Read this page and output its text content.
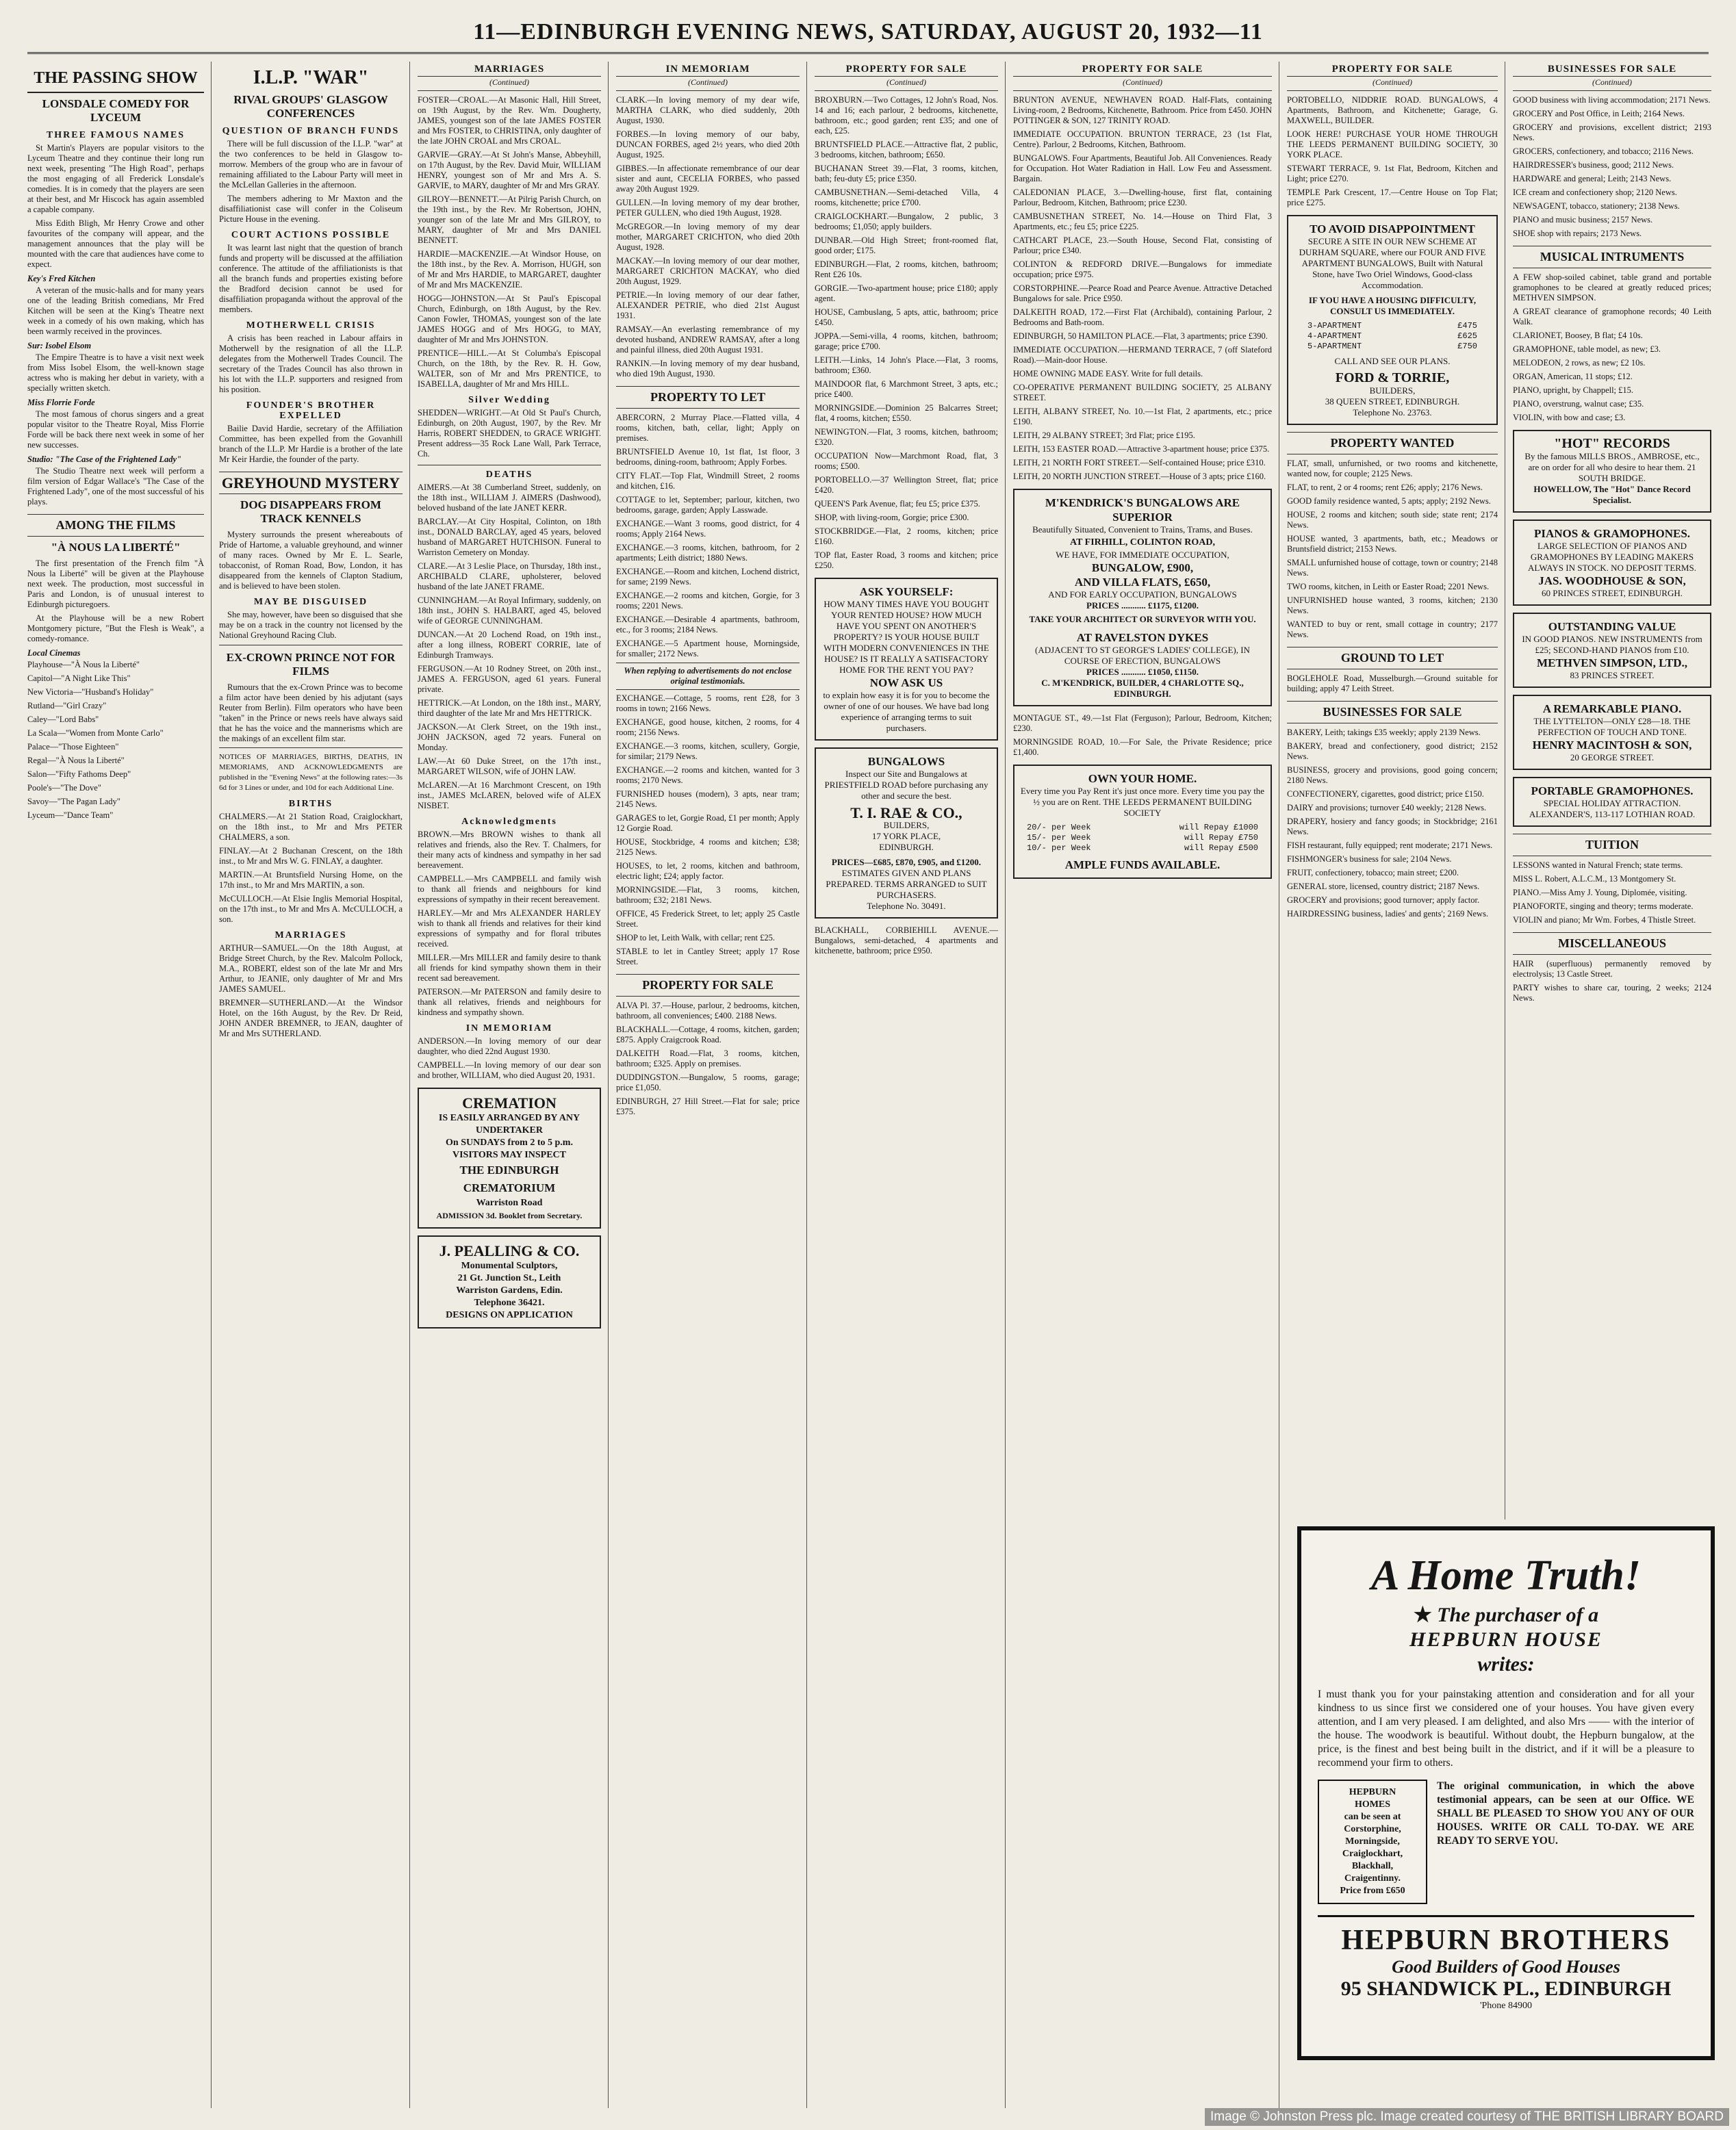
11—EDINBURGH EVENING NEWS, SATURDAY, AUGUST 20, 1932—11
THE PASSING SHOW
LONSDALE COMEDY FOR LYCEUM
THREE FAMOUS NAMES

St Martin's Players are popular visitors to the Lyceum Theatre and they continue their long run next week, presenting "The High Road", perhaps the most engaging of all Frederick Lonsdale's comedies. It is in comedy that the players are seen at their best, and Mr Hiscock has again assembled a capable company.

Miss Edith Bligh, Mr Henry Crowe and other favourites of the company will appear, and the management announces that the play will be mounted with the care that audiences have come to expect.

Key's Fred Kitchen

A veteran of the music-halls and for many years one of the leading British comedians, Mr Fred Kitchen will be seen at the King's Theatre next week in a comedy of his own making, which has been warmly received in the provinces.

Sur: Isobel Elsom

The Empire Theatre is to have a visit next week from Miss Isobel Elsom, the well-known stage actress who is making her debut in variety, with a specially written sketch.

Miss Florrie Forde

The most famous of chorus singers and a great popular visitor to the Theatre Royal, Miss Florrie Forde will be back there next week in some of her new successes.

Studio: "The Case of the Frightened Lady"

The Studio Theatre next week will perform a film version of Edgar Wallace's "The Case of the Frightened Lady", one of the most successful of his plays.

AMONG THE FILMS
"À NOUS LA LIBERTÉ"

The first presentation of the French film "À Nous la Liberté" will be given at the Playhouse next week. The production, most successful in Paris and London, is of unusual interest to Edinburgh picturegoers.

At the Playhouse will be a new Robert Montgomery picture, "But the Flesh is Weak", a comedy-romance.

Local Cinemas
Playhouse—"À Nous la Liberté"
Capitol—"A Night Like This"
New Victoria—"Husband's Holiday"
Rutland—"Girl Crazy"
Caley—"Lord Babs"
La Scala—"Women from Monte Carlo"
Palace—"Those Eighteen"
Regal—"À Nous la Liberté"
Salon—"Fifty Fathoms Deep"
Poole's—"The Dove"
Savoy—"The Pagan Lady"
Lyceum—"Dance Team"
I.L.P. "WAR"
RIVAL GROUPS' GLASGOW CONFERENCES
QUESTION OF BRANCH FUNDS

There will be full discussion of the I.L.P. "war" at the two conferences to be held in Glasgow to-morrow. Members of the group who are in favour of remaining affiliated to the Labour Party will meet in the McLellan Galleries in the afternoon.

The members adhering to Mr Maxton and the disaffiliationist case will confer in the Coliseum Picture House in the evening.

COURT ACTIONS POSSIBLE

It was learnt last night that the question of branch funds and property will be discussed at the affiliation conference. The attitude of the affiliationists is that all the branch funds and properties existing before the Bradford decision cannot be used for disaffiliation propaganda without the approval of the members.

MOTHERWELL CRISIS

A crisis has been reached in Labour affairs in Motherwell by the resignation of all the I.L.P. delegates from the Motherwell Trades Council. The secretary of the Trades Council has also thrown in his lot with the I.L.P. supporters and resigned from his position.

FOUNDER'S BROTHER EXPELLED

Bailie David Hardie, secretary of the Affiliation Committee, has been expelled from the Govanhill branch of the I.L.P. Mr Hardie is a brother of the late Mr Keir Hardie, the founder of the party.

GREYHOUND MYSTERY
DOG DISAPPEARS FROM TRACK KENNELS

Mystery surrounds the present whereabouts of Pride of Hartome, a valuable greyhound, and winner of many races. Owned by Mr E. L. Searle, tobacconist, of Roman Road, Bow, London, it has disappeared from the kennels of Clapton Stadium, and is believed to have been stolen.

MAY BE DISGUISED

She may, however, have been so disguised that she may be on a track in the country not licensed by the National Greyhound Racing Club.

EX-CROWN PRINCE NOT FOR FILMS

Rumours that the ex-Crown Prince was to become a film actor have been denied by his adjutant (says Reuter from Berlin). Film operators who have been "taken" in the Prince or news reels have always said that he has the voice and the mannerisms which are the makings of an excellent film star.

NOTICES OF MARRIAGES, BIRTHS, DEATHS, IN MEMORIAMS, AND ACKNOWLEDGMENTS are published in the "Evening News" at the following rates:—3s 6d for 3 Lines or under, and 10d for each Additional Line.
BIRTHS
CHALMERS.—At 21 Station Road, Craiglockhart, on the 18th inst., to Mr and Mrs PETER CHALMERS, a son.
FINLAY.—At 2 Buchanan Crescent, on the 18th inst., to Mr and Mrs W. G. FINLAY, a daughter.
MARTIN.—At Bruntsfield Nursing Home, on the 17th inst., to Mr and Mrs MARTIN, a son.
McCULLOCH.—At Elsie Inglis Memorial Hospital, on the 17th inst., to Mr and Mrs A. McCULLOCH, a son.
MARRIAGES
ARTHUR—SAMUEL.—On the 18th August, at Bridge Street Church, by the Rev. Malcolm Pollock, M.A., ROBERT, eldest son of the late Mr and Mrs Arthur, to JEANIE, only daughter of Mr and Mrs JAMES SAMUEL.
BREMNER—SUTHERLAND.—At the Windsor Hotel, on the 16th August, by the Rev. Dr Reid, JOHN ANDER BREMNER, to JEAN, daughter of Mr and Mrs SUTHERLAND.
MARRIAGES
(Continued)
FOSTER—CROAL.—At Masonic Hall, Hill Street, on 19th August, by the Rev. Wm. Dougherty, JAMES, youngest son of the late JAMES FOSTER and Mrs FOSTER, to CHRISTINA, only daughter of the late JOHN CROAL and Mrs CROAL.
GARVIE—GRAY.—At St John's Manse, Abbeyhill, on 17th August, by the Rev. David Muir, WILLIAM HENRY, youngest son of Mr and Mrs A. S. GARVIE, to MARY, daughter of Mr and Mrs GRAY.
GILROY—BENNETT.—At Pilrig Parish Church, on the 19th inst., by the Rev. Mr Robertson, JOHN, younger son of the late Mr and Mrs GILROY, to MARY, daughter of Mr and Mrs DANIEL BENNETT.
HARDIE—MACKENZIE.—At Windsor House, on the 18th inst., by the Rev. A. Morrison, HUGH, son of Mr and Mrs HARDIE, to MARGARET, daughter of Mr and Mrs MACKENZIE.
HOGG—JOHNSTON.—At St Paul's Episcopal Church, Edinburgh, on 18th August, by the Rev. Canon Fowler, THOMAS, youngest son of the late JAMES HOGG and of Mrs HOGG, to MAY, daughter of Mr and Mrs JOHNSTON.
PRENTICE—HILL.—At St Columba's Episcopal Church, on the 18th, by the Rev. R. H. Gow, WALTER, son of Mr and Mrs PRENTICE, to ISABELLA, daughter of Mr and Mrs HILL.
Silver Wedding
SHEDDEN—WRIGHT.—At Old St Paul's Church, Edinburgh, on 20th August, 1907, by the Rev. Mr Harris, ROBERT SHEDDEN, to GRACE WRIGHT. Present address—35 Rock Lane Wall, Park Terrace, Ch.
DEATHS
AIMERS.—At 38 Cumberland Street, suddenly, on the 18th inst., WILLIAM J. AIMERS (Dashwood), beloved husband of the late JANET KERR.
BARCLAY.—At City Hospital, Colinton, on 18th inst., DONALD BARCLAY, aged 45 years, beloved husband of MARGARET HUTCHISON. Funeral to Warriston Cemetery on Monday.
CLARE.—At 3 Leslie Place, on Thursday, 18th inst., ARCHIBALD CLARE, upholsterer, beloved husband of the late JANET FRAME.
CUNNINGHAM.—At Royal Infirmary, suddenly, on 18th inst., JOHN S. HALBART, aged 45, beloved wife of GEORGE CUNNINGHAM.
DUNCAN.—At 20 Lochend Road, on 19th inst., after a long illness, ROBERT CORRIE, late of Edinburgh Tramways.
FERGUSON.—At 10 Rodney Street, on 20th inst., JAMES A. FERGUSON, aged 61 years. Funeral private.
HETTRICK.—At London, on the 18th inst., MARY, third daughter of the late Mr and Mrs HETTRICK.
JACKSON.—At Clerk Street, on the 19th inst., JOHN JACKSON, aged 72 years. Funeral on Monday.
LAW.—At 60 Duke Street, on the 17th inst., MARGARET WILSON, wife of JOHN LAW.
McLAREN.—At 16 Marchmont Crescent, on 19th inst., JAMES McLAREN, beloved wife of ALEX NISBET.
Acknowledgments
BROWN.—Mrs BROWN wishes to thank all relatives and friends, also the Rev. T. Chalmers, for their many acts of kindness and sympathy in her sad bereavement.
CAMPBELL.—Mrs CAMPBELL and family wish to thank all friends and neighbours for kind expressions of sympathy in their recent bereavement.
HARLEY.—Mr and Mrs ALEXANDER HARLEY wish to thank all friends and relatives for their kind expressions of sympathy and for floral tributes received.
MILLER.—Mrs MILLER and family desire to thank all friends for kind sympathy shown them in their recent sad bereavement.
PATERSON.—Mr PATERSON and family desire to thank all relatives, friends and neighbours for kindness and sympathy shown.
IN MEMORIAM
ANDERSON.—In loving memory of our dear daughter, who died 22nd August 1930.
CAMPBELL.—In loving memory of our dear son and brother, WILLIAM, who died August 20, 1931.
CREMATION
IS EASILY ARRANGED BY ANY UNDERTAKER
On SUNDAYS from 2 to 5 p.m.
VISITORS MAY INSPECT
THE EDINBURGH CREMATORIUM
Warriston Road
ADMISSION 3d. Booklet from Secretary.
J. PEALLING & CO.
Monumental Sculptors,
21 Gt. Junction St., Leith
Warriston Gardens, Edin.
Telephone 36421.
DESIGNS ON APPLICATION
IN MEMORIAM
(Continued)
CLARK.—In loving memory of my dear wife, MARTHA CLARK, who died suddenly, 20th August, 1930.
FORBES.—In loving memory of our baby, DUNCAN FORBES, aged 2½ years, who died 20th August, 1925.
GIBBES.—In affectionate remembrance of our dear sister and aunt, CECELIA FORBES, who passed away 20th August 1929.
GULLEN.—In loving memory of my dear brother, PETER GULLEN, who died 19th August, 1928.
McGREGOR.—In loving memory of my dear mother, MARGARET CRICHTON, who died 20th August, 1928.
MACKAY.—In loving memory of our dear mother, MARGARET CRICHTON MACKAY, who died 20th August, 1929.
PETRIE.—In loving memory of our dear father, ALEXANDER PETRIE, who died 21st August 1931.
RAMSAY.—An everlasting remembrance of my devoted husband, ANDREW RAMSAY, after a long and painful illness, died 20th August 1931.
RANKIN.—In loving memory of my dear husband, who died 19th August, 1930.
PROPERTY TO LET
ABERCORN, 2 Murray Place.—Flatted villa, 4 rooms, kitchen, bath, cellar, light; Apply on premises.
BRUNTSFIELD Avenue 10, 1st flat, 1st floor, 3 bedrooms, dining-room, bathroom; Apply Forbes.
CITY FLAT.—Top Flat, Windmill Street, 2 rooms and kitchen, £16.
COTTAGE to let, September; parlour, kitchen, two bedrooms, garage, garden; Apply Lasswade.
EXCHANGE.—Want 3 rooms, good district, for 4 rooms; Apply 2164 News.
EXCHANGE.—3 rooms, kitchen, bathroom, for 2 apartments; Leith district; 1880 News.
EXCHANGE.—Room and kitchen, Lochend district, for same; 2199 News.
EXCHANGE.—2 rooms and kitchen, Gorgie, for 3 rooms; 2201 News.
EXCHANGE.—Desirable 4 apartments, bathroom, etc., for 3 rooms; 2184 News.
EXCHANGE.—5 Apartment house, Morningside, for smaller; 2172 News.
When replying to advertisements do not enclose original testimonials.
EXCHANGE.—Cottage, 5 rooms, rent £28, for 3 rooms in town; 2166 News.
EXCHANGE, good house, kitchen, 2 rooms, for 4 room; 2156 News.
EXCHANGE.—3 rooms, kitchen, scullery, Gorgie, for similar; 2179 News.
EXCHANGE.—2 rooms and kitchen, wanted for 3 rooms; 2170 News.
FURNISHED houses (modern), 3 apts, near tram; 2145 News.
GARAGES to let, Gorgie Road, £1 per month; Apply 12 Gorgie Road.
HOUSE, Stockbridge, 4 rooms and kitchen; £38; 2125 News.
HOUSES, to let, 2 rooms, kitchen and bathroom, electric light; £24; apply factor.
MORNINGSIDE.—Flat, 3 rooms, kitchen, bathroom; £32; 2181 News.
OFFICE, 45 Frederick Street, to let; apply 25 Castle Street.
SHOP to let, Leith Walk, with cellar; rent £25.
STABLE to let in Cantley Street; apply 17 Rose Street.
PROPERTY FOR SALE
ALVA Pl. 37.—House, parlour, 2 bedrooms, kitchen, bathroom, all conveniences; £400. 2188 News.
BLACKHALL.—Cottage, 4 rooms, kitchen, garden; £875. Apply Craigcrook Road.
DALKEITH Road.—Flat, 3 rooms, kitchen, bathroom; £325. Apply on premises.
DUDDINGSTON.—Bungalow, 5 rooms, garage; price £1,050.
EDINBURGH, 27 Hill Street.—Flat for sale; price £375.
PROPERTY FOR SALE
(Continued)
BROXBURN.—Two Cottages, 12 John's Road, Nos. 14 and 16; each parlour, 2 bedrooms, kitchenette, bathroom, etc.; good garden; rent £35; and one of each, £25.
BRUNTSFIELD PLACE.—Attractive flat, 2 public, 3 bedrooms, kitchen, bathroom; £650.
BUCHANAN Street 39.—Flat, 3 rooms, kitchen, bath; feu-duty £5; price £350.
CAMBUSNETHAN.—Semi-detached Villa, 4 rooms, kitchenette; price £700.
CRAIGLOCKHART.—Bungalow, 2 public, 3 bedrooms; £1,050; apply builders.
DUNBAR.—Old High Street; front-roomed flat, good order; £175.
EDINBURGH.—Flat, 2 rooms, kitchen, bathroom; Rent £26 10s.
GORGIE.—Two-apartment house; price £180; apply agent.
HOUSE, Cambuslang, 5 apts, attic, bathroom; price £450.
JOPPA.—Semi-villa, 4 rooms, kitchen, bathroom; garage; price £700.
LEITH.—Links, 14 John's Place.—Flat, 3 rooms, bathroom; £360.
MAINDOOR flat, 6 Marchmont Street, 3 apts, etc.; price £400.
MORNINGSIDE.—Dominion 25 Balcarres Street; flat, 4 rooms, kitchen; £550.
NEWINGTON.—Flat, 3 rooms, kitchen, bathroom; £320.
OCCUPATION Now—Marchmont Road, flat, 3 rooms; £500.
PORTOBELLO.—37 Wellington Street, flat; price £420.
QUEEN'S Park Avenue, flat; feu £5; price £375.
SHOP, with living-room, Gorgie; price £300.
STOCKBRIDGE.—Flat, 2 rooms, kitchen; price £160.
TOP flat, Easter Road, 3 rooms and kitchen; price £250.
ASK YOURSELF:
HOW MANY TIMES HAVE YOU BOUGHT YOUR RENTED HOUSE? HOW MUCH HAVE YOU SPENT ON ANOTHER'S PROPERTY? IS YOUR HOUSE BUILT WITH MODERN CONVENIENCES IN THE HOUSE? IS IT REALLY A SATISFACTORY HOME FOR THE RENT YOU PAY?
NOW ASK US
to explain how easy it is for you to become the owner of one of our houses. We have bad long experience of arranging terms to suit purchasers.
BUNGALOWS
Inspect our Site and Bungalows at PRIESTFIELD ROAD before purchasing any other and secure the best.
T. I. RAE & CO.,
BUILDERS,
17 YORK PLACE,
EDINBURGH.
PRICES—£685, £870, £905, and £1200.
ESTIMATES GIVEN AND PLANS PREPARED. TERMS ARRANGED to SUIT PURCHASERS.
Telephone No. 30491.
BLACKHALL, CORBIEHILL AVENUE.—Bungalows, semi-detached, 4 apartments and kitchenette, bathroom; price £950.
PROPERTY FOR SALE
(Continued)
BRUNTON AVENUE, NEWHAVEN ROAD. Half-Flats, containing Living-room, 2 Bedrooms, Kitchenette, Bathroom. Price from £450. JOHN POTTINGER & SON, 127 TRINITY ROAD.
IMMEDIATE OCCUPATION. BRUNTON TERRACE, 23 (1st Flat, Centre). Parlour, 2 Bedrooms, Kitchen, Bathroom.
BUNGALOWS. Four Apartments, Beautiful Job. All Conveniences. Ready for Occupation. Hot Water Radiation in Hall. Low Feu and Assessment. Bargain.
CALEDONIAN PLACE, 3.—Dwelling-house, first flat, containing Parlour, Bedroom, Kitchen, Bathroom; price £230.
CAMBUSNETHAN STREET, No. 14.—House on Third Flat, 3 Apartments, etc.; feu £5; price £225.
CATHCART PLACE, 23.—South House, Second Flat, consisting of Parlour; price £340.
COLINTON & REDFORD DRIVE.—Bungalows for immediate occupation; price £975.
CORSTORPHINE.—Pearce Road and Pearce Avenue. Attractive Detached Bungalows for sale. Price £950.
DALKEITH ROAD, 172.—First Flat (Archibald), containing Parlour, 2 Bedrooms and Bath-room.
EDINBURGH, 50 HAMILTON PLACE.—Flat, 3 apartments; price £390.
IMMEDIATE OCCUPATION.—HERMAND TERRACE, 7 (off Slateford Road).—Main-door House.
HOME OWNING MADE EASY. Write for full details.
CO-OPERATIVE PERMANENT BUILDING SOCIETY, 25 ALBANY STREET.
LEITH, ALBANY STREET, No. 10.—1st Flat, 2 apartments, etc.; price £190.
LEITH, 29 ALBANY STREET; 3rd Flat; price £195.
LEITH, 153 EASTER ROAD.—Attractive 3-apartment house; price £375.
LEITH, 21 NORTH FORT STREET.—Self-contained House; price £310.
LEITH, 20 NORTH JUNCTION STREET.—House of 3 apts; price £160.
M'KENDRICK'S BUNGALOWS ARE SUPERIOR
Beautifully Situated, Convenient to Trains, Trams, and Buses.
AT FIRHILL, COLINTON ROAD,
WE HAVE, FOR IMMEDIATE OCCUPATION,
BUNGALOW, £900,
AND VILLA FLATS, £650,
AND FOR EARLY OCCUPATION, BUNGALOWS
PRICES ........... £1175, £1200.
TAKE YOUR ARCHITECT OR SURVEYOR WITH YOU.
AT RAVELSTON DYKES
(ADJACENT TO ST GEORGE'S LADIES' COLLEGE), IN COURSE OF ERECTION, BUNGALOWS
PRICES ........... £1050, £1150.
C. M'KENDRICK, BUILDER, 4 CHARLOTTE SQ., EDINBURGH.
MONTAGUE ST., 49.—1st Flat (Ferguson); Parlour, Bedroom, Kitchen; £230.
MORNINGSIDE ROAD, 10.—For Sale, the Private Residence; price £1,400.
OWN YOUR HOME.
Every time you Pay Rent it's just once more. Every time you pay the ½ you are on Rent. THE LEEDS PERMANENT BUILDING SOCIETY
20/- per Week	will Repay £1000
15/- per Week	will Repay £750
10/- per Week	will Repay £500
AMPLE FUNDS AVAILABLE.
PROPERTY FOR SALE
(Continued)
PORTOBELLO, NIDDRIE ROAD. BUNGALOWS, 4 Apartments, Bathroom, and Kitchenette; Garage, G. MAXWELL, BUILDER.
LOOK HERE! PURCHASE YOUR HOME THROUGH THE LEEDS PERMANENT BUILDING SOCIETY, 30 YORK PLACE.
STEWART TERRACE, 9. 1st Flat, Bedroom, Kitchen and Light; price £270.
TEMPLE Park Crescent, 17.—Centre House on Top Flat; price £275.
TO AVOID DISAPPOINTMENT
SECURE A SITE IN OUR NEW SCHEME AT DURHAM SQUARE, where our FOUR AND FIVE APARTMENT BUNGALOWS, Built with Natural Stone, have Two Oriel Windows, Good-class Accommodation.
IF YOU HAVE A HOUSING DIFFICULTY, CONSULT US IMMEDIATELY.
3-APARTMENT	£475
4-APARTMENT	£625
5-APARTMENT	£750
CALL AND SEE OUR PLANS.
FORD & TORRIE,
BUILDERS,
38 QUEEN STREET, EDINBURGH.
Telephone No. 23763.
PROPERTY WANTED
FLAT, small, unfurnished, or two rooms and kitchenette, wanted now, for couple; 2125 News.
FLAT, to rent, 2 or 4 rooms; rent £26; apply; 2176 News.
GOOD family residence wanted, 5 apts; apply; 2192 News.
HOUSE, 2 rooms and kitchen; south side; state rent; 2174 News.
HOUSE wanted, 3 apartments, bath, etc.; Meadows or Bruntsfield district; 2153 News.
SMALL unfurnished house of cottage, town or country; 2148 News.
TWO rooms, kitchen, in Leith or Easter Road; 2201 News.
UNFURNISHED house wanted, 3 rooms, kitchen; 2130 News.
WANTED to buy or rent, small cottage in country; 2177 News.
GROUND TO LET
BOGLEHOLE Road, Musselburgh.—Ground suitable for building; apply 47 Leith Street.
BUSINESSES FOR SALE
BAKERY, Leith; takings £35 weekly; apply 2139 News.
BAKERY, bread and confectionery, good district; 2152 News.
BUSINESS, grocery and provisions, good going concern; 2180 News.
CONFECTIONERY, cigarettes, good district; price £150.
DAIRY and provisions; turnover £40 weekly; 2128 News.
DRAPERY, hosiery and fancy goods; in Stockbridge; 2161 News.
FISH restaurant, fully equipped; rent moderate; 2171 News.
FISHMONGER's business for sale; 2104 News.
FRUIT, confectionery, tobacco; main street; £200.
GENERAL store, licensed, country district; 2187 News.
GROCERY and provisions; good turnover; apply factor.
HAIRDRESSING business, ladies' and gents'; 2169 News.
BUSINESSES FOR SALE
(Continued)
GOOD business with living accommodation; 2171 News.
GROCERY and Post Office, in Leith; 2164 News.
GROCERY and provisions, excellent district; 2193 News.
GROCERS, confectionery, and tobacco; 2116 News.
HAIRDRESSER's business, good; 2112 News.
HARDWARE and general; Leith; 2143 News.
ICE cream and confectionery shop; 2120 News.
NEWSAGENT, tobacco, stationery; 2138 News.
PIANO and music business; 2157 News.
SHOE shop with repairs; 2173 News.
MUSICAL INTRUMENTS
A FEW shop-soiled cabinet, table grand and portable gramophones to be cleared at greatly reduced prices; METHVEN SIMPSON.
A GREAT clearance of gramophone records; 40 Leith Walk.
CLARIONET, Boosey, B flat; £4 10s.
GRAMOPHONE, table model, as new; £3.
MELODEON, 2 rows, as new; £2 10s.
ORGAN, American, 11 stops; £12.
PIANO, upright, by Chappell; £15.
PIANO, overstrung, walnut case; £35.
VIOLIN, with bow and case; £3.
"HOT" RECORDS
By the famous MILLS BROS., AMBROSE, etc., are on order for all who desire to hear them. 21 SOUTH BRIDGE.
HOWELLOW, The "Hot" Dance Record Specialist.
PIANOS & GRAMOPHONES.
LARGE SELECTION OF PIANOS AND GRAMOPHONES BY LEADING MAKERS ALWAYS IN STOCK. NO DEPOSIT TERMS.
JAS. WOODHOUSE & SON,
60 PRINCES STREET, EDINBURGH.
OUTSTANDING VALUE
IN GOOD PIANOS. NEW INSTRUMENTS from £25; SECOND-HAND PIANOS from £10.
METHVEN SIMPSON, LTD.,
83 PRINCES STREET.
A REMARKABLE PIANO.
THE LYTTELTON—ONLY £28—18. THE PERFECTION OF TOUCH AND TONE.
HENRY MACINTOSH & SON,
20 GEORGE STREET.
PORTABLE GRAMOPHONES.
SPECIAL HOLIDAY ATTRACTION. ALEXANDER'S, 113-117 LOTHIAN ROAD.
TUITION
LESSONS wanted in Natural French; state terms.
MISS L. Robert, A.L.C.M., 13 Montgomery St.
PIANO.—Miss Amy J. Young, Diplomée, visiting.
PIANOFORTE, singing and theory; terms moderate.
VIOLIN and piano; Mr Wm. Forbes, 4 Thistle Street.
MISCELLANEOUS
HAIR (superfluous) permanently removed by electrolysis; 13 Castle Street.
PARTY wishes to share car, touring, 2 weeks; 2124 News.
A Home Truth!
★ The purchaser of a
HEPBURN HOUSE
writes:
I must thank you for your painstaking attention and consideration and for all your kindness to us since first we considered one of your houses. You have given every attention, and I am very pleased. I am delighted, and also Mrs —— with the interior of the house. The woodwork is beautiful. Without doubt, the Hepburn bungalow, at the price, is the finest and best being built in the district, and if it will be a pleasure to recommend your firm to others.
HEPBURN
HOMES
can be seen at
Corstorphine,
Morningside,
Craiglockhart,
Blackhall,
Craigentinny.
Price from £650
The original communication, in which the above testimonial appears, can be seen at our Office. WE SHALL BE PLEASED TO SHOW YOU ANY OF OUR HOUSES. WRITE OR CALL TO-DAY. WE ARE READY TO SERVE YOU.
HEPBURN BROTHERS
Good Builders of Good Houses
95 SHANDWICK PL., EDINBURGH
'Phone 84900
Image © Johnston Press plc. Image created courtesy of THE BRITISH LIBRARY BOARD
